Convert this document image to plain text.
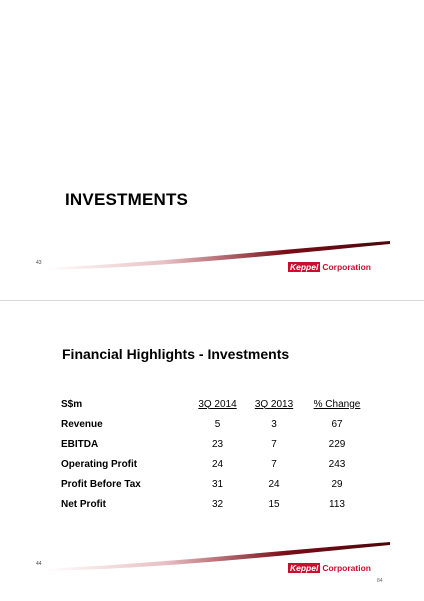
INVESTMENTS
43	Keppel Corporation
Financial Highlights - Investments
S$m	3Q 2014	3Q 2013	% Change
Revenue	5	3	67
EBITDA	23	7	229
Operating Profit	24	7	243
Profit Before Tax	31	24	29
Net Profit	32	15	113
44	Keppel Corporation
84
